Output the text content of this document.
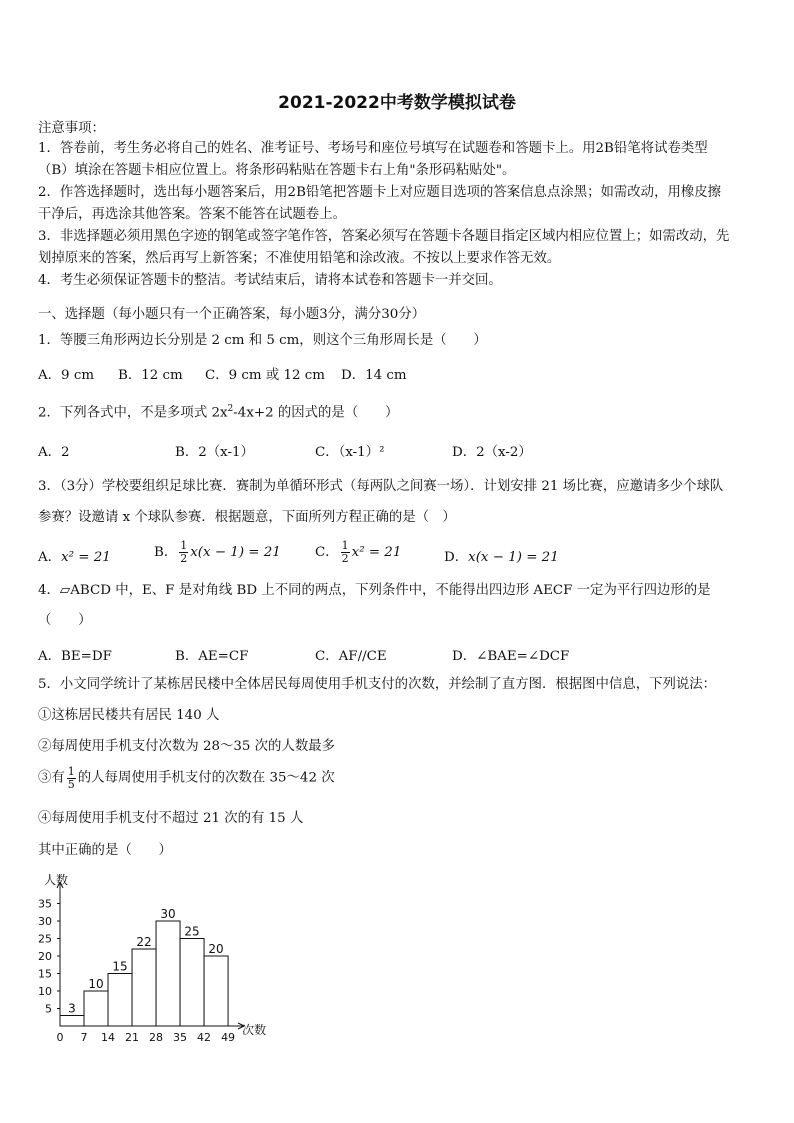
2021-2022中考数学模拟试卷
注意事项：
1．答卷前，考生务必将自己的姓名、准考证号、考场号和座位号填写在试题卷和答题卡上。用2B铅笔将试卷类型
（B）填涂在答题卡相应位置上。将条形码粘贴在答题卡右上角"条形码粘贴处"。
2．作答选择题时，选出每小题答案后，用2B铅笔把答题卡上对应题目选项的答案信息点涂黑；如需改动，用橡皮擦
干净后，再选涂其他答案。答案不能答在试题卷上。
3．非选择题必须用黑色字迹的钢笔或签字笔作答，答案必须写在答题卡各题目指定区域内相应位置上；如需改动，先
划掉原来的答案，然后再写上新答案；不准使用铅笔和涂改液。不按以上要求作答无效。
4．考生必须保证答题卡的整洁。考试结束后，请将本试卷和答题卡一并交回。
一、选择题（每小题只有一个正确答案，每小题3分，满分30分）
1．等腰三角形两边长分别是 2 cm 和 5 cm，则这个三角形周长是（　　）
A．9 cm B．12 cm C．9 cm 或 12 cm D．14 cm
2．下列各式中，不是多项式 $2x^2-4x+2$ 的因式的是（　　）
A．2	B．2（x-1）	C．（x-1）²	D．2（x-2）
3．（3分）学校要组织足球比赛．赛制为单循环形式（每两队之间赛一场）．计划安排 21 场比赛，应邀请多少个球队
参赛？设邀请 x 个球队参赛．根据题意，下面所列方程正确的是（　）
A．x² = 21	B． $\frac{1}{2} x(x - 1) = 21$	C． $\frac{1}{2} x^2 = 21$	D．x(x − 1) = 21
4．▱ABCD 中，E、F 是对角线 BD 上不同的两点，下列条件中，不能得出四边形 AECF 一定为平行四边形的是
（　　）
A．BE=DF	B．AE=CF	C．AF//CE	D．∠BAE=∠DCF
5．小文同学统计了某栋居民楼中全体居民每周使用手机支付的次数，并绘制了直方图．根据图中信息，下列说法：
①这栋居民楼共有居民 140 人
②每周使用手机支付次数为 28～35 次的人数最多
③有 $\frac{1}{5}$ 的人每周使用手机支付的次数在 35～42 次
④每周使用手机支付不超过 21 次的有 15 人
其中正确的是（　　）
人数
次数
5
10
15
20
25
30
35
0 7 14 21 28 35 42 49
3
10
15
22
30
25
20
